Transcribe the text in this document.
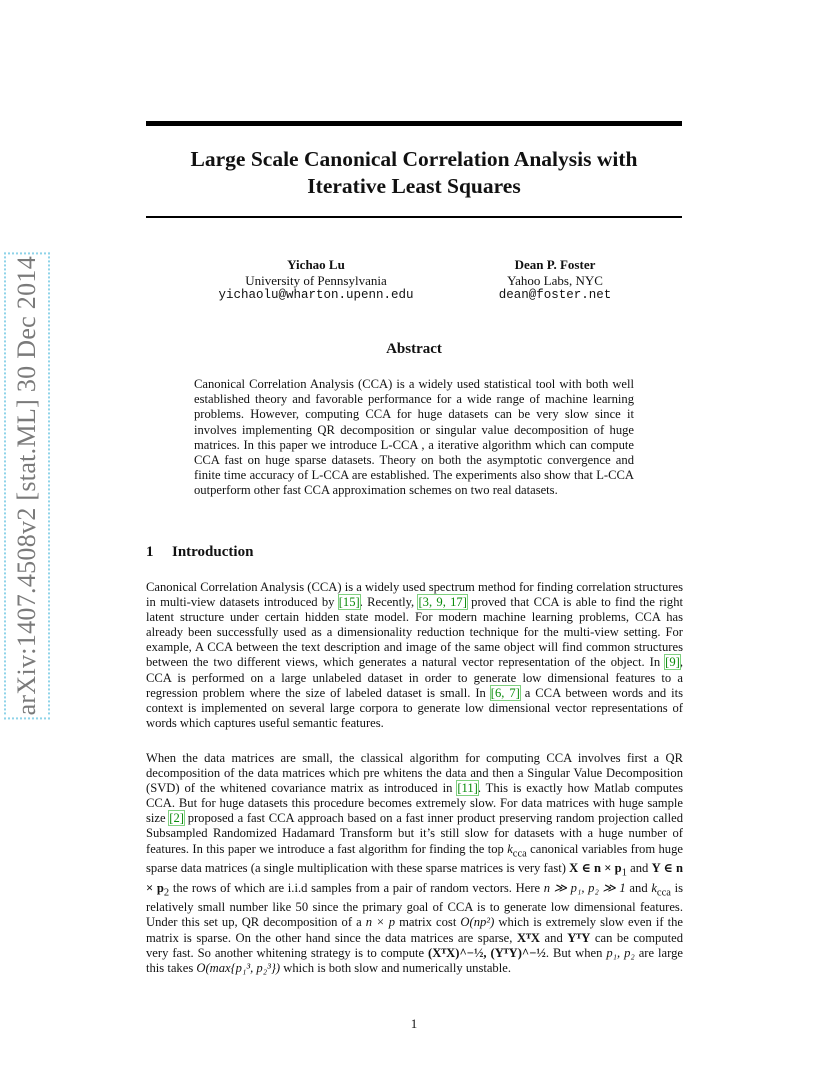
arXiv:1407.4508v2 [stat.ML] 30 Dec 2014
Large Scale Canonical Correlation Analysis with
Iterative Least Squares
Yichao Lu
University of Pennsylvania
yichaolu@wharton.upenn.edu
Dean P. Foster
Yahoo Labs, NYC
dean@foster.net
Abstract
Canonical Correlation Analysis (CCA) is a widely used statistical tool with both well established theory and favorable performance for a wide range of machine learning problems. However, computing CCA for huge datasets can be very slow since it involves implementing QR decomposition or singular value decomposition of huge matrices. In this paper we introduce L-CCA , a iterative algorithm which can compute CCA fast on huge sparse datasets. Theory on both the asymptotic convergence and finite time accuracy of L-CCA are established. The experiments also show that L-CCA outperform other fast CCA approximation schemes on two real datasets.
1 Introduction
Canonical Correlation Analysis (CCA) is a widely used spectrum method for finding correlation structures in multi-view datasets introduced by [15]. Recently, [3, 9, 17] proved that CCA is able to find the right latent structure under certain hidden state model. For modern machine learning problems, CCA has already been successfully used as a dimensionality reduction technique for the multi-view setting. For example, A CCA between the text description and image of the same object will find common structures between the two different views, which generates a natural vector representation of the object. In [9], CCA is performed on a large unlabeled dataset in order to generate low dimensional features to a regression problem where the size of labeled dataset is small. In [6, 7] a CCA between words and its context is implemented on several large corpora to generate low dimensional vector representations of words which captures useful semantic features.
When the data matrices are small, the classical algorithm for computing CCA involves first a QR decomposition of the data matrices which pre whitens the data and then a Singular Value Decomposition (SVD) of the whitened covariance matrix as introduced in [11]. This is exactly how Matlab computes CCA. But for huge datasets this procedure becomes extremely slow. For data matrices with huge sample size [2] proposed a fast CCA approach based on a fast inner product preserving random projection called Subsampled Randomized Hadamard Transform but it’s still slow for datasets with a huge number of features. In this paper we introduce a fast algorithm for finding the top $k_{cca}$ canonical variables from huge sparse data matrices (a single multiplication with these sparse matrices is very fast) X ∈ $n \times p_1$ and Y ∈ $n \times p_2$ the rows of which are i.i.d samples from a pair of random vectors. Here n ≫ p₁, p₂ ≫ 1 and $k_{cca}$ is relatively small number like 50 since the primary goal of CCA is to generate low dimensional features. Under this set up, QR decomposition of a n × p matrix cost O(np²) which is extremely slow even if the matrix is sparse. On the other hand since the data matrices are sparse, XᵀX and YᵀY can be computed very fast. So another whitening strategy is to compute (XᵀX)^−½, (YᵀY)^−½. But when p₁, p₂ are large this takes O(max{p₁³, p₂³}) which is both slow and numerically unstable.
1
